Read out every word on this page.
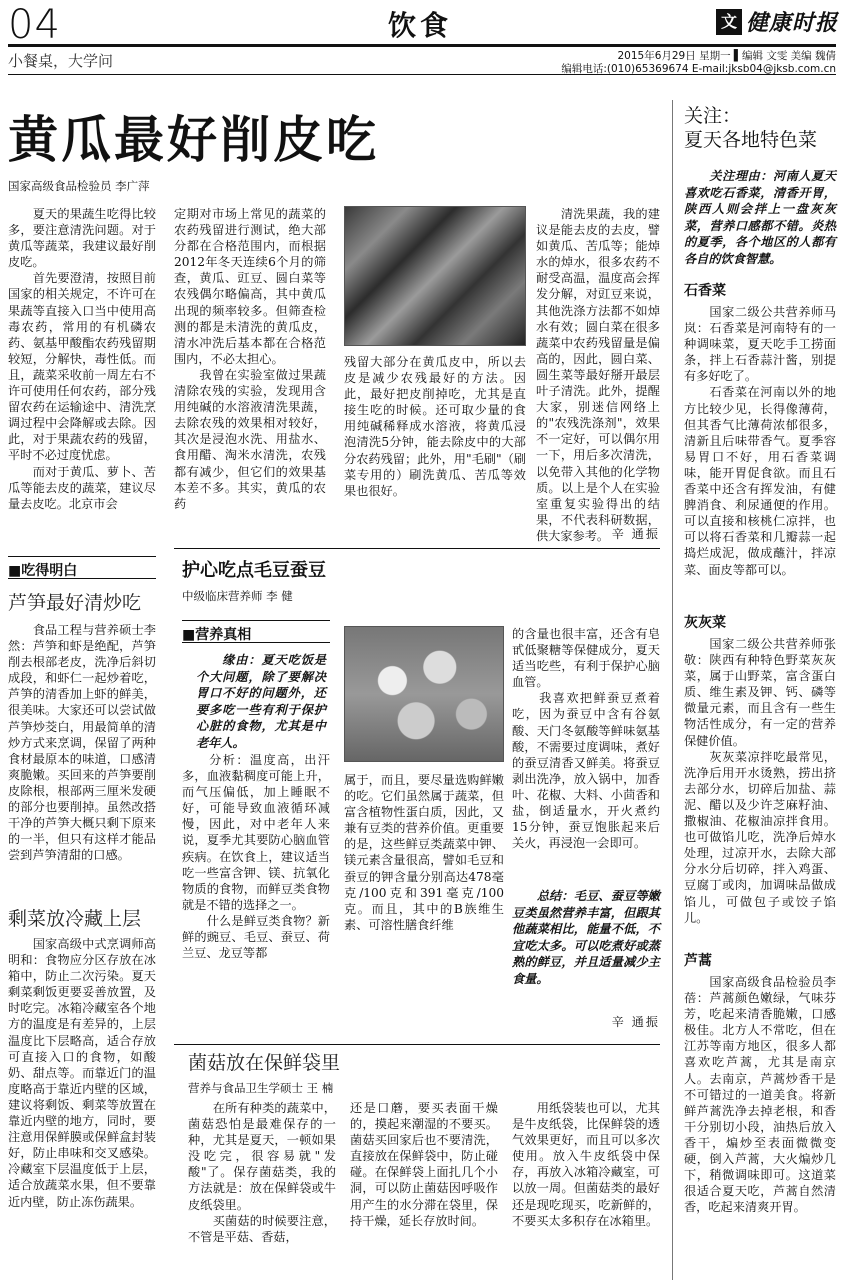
04	饮食	文 健康时报
小餐桌，大学问	2015年6月29日 星期一 ▌编辑 文雯 美编 魏倩
编辑电话:(010)65369674 E-mail:jksb04@jksb.com.cn
黄瓜最好削皮吃
国家高级食品检验员 李广萍
　　夏天的果蔬生吃得比较多，要注意清洗问题。对于黄瓜等蔬菜，我建议最好削皮吃。
　　首先要澄清，按照目前国家的相关规定，不许可在果蔬等直接入口当中使用高毒农药，常用的有机磷农药、氨基甲酸酯农药残留期较短，分解快，毒性低。而且，蔬菜采收前一周左右不许可使用任何农药，部分残留农药在运输途中、清洗烹调过程中会降解或去除。因此，对于果蔬农药的残留，平时不必过度忧虑。
　　而对于黄瓜、萝卜、苦瓜等能去皮的蔬菜，建议尽量去皮吃。北京市会
定期对市场上常见的蔬菜的农药残留进行测试，绝大部分都在合格范围内，而根据2012年冬天连续6个月的筛查，黄瓜、豇豆、圆白菜等农残偶尔略偏高，其中黄瓜出现的频率较多。但筛查检测的都是未清洗的黄瓜皮，清水冲洗后基本都在合格范围内，不必太担心。
　　我曾在实验室做过果蔬清除农残的实验，发现用含用纯碱的水溶液清洗果蔬，去除农残的效果相对较好，其次是浸泡水洗、用盐水、食用醋、淘米水清洗，农残都有减少，但它们的效果基本差不多。其实，黄瓜的农药
残留大部分在黄瓜皮中，所以去皮是减少农残最好的方法。因此，最好把皮削掉吃，尤其是直接生吃的时候。还可取少量的食用纯碱稀释成水溶液，将黄瓜浸泡清洗5分钟，能去除皮中的大部分农药残留；此外，用"毛刷"（刷菜专用的）刷洗黄瓜、苦瓜等效果也很好。
　　清洗果蔬，我的建议是能去皮的去皮，譬如黄瓜、苦瓜等；能焯水的焯水，很多农药不耐受高温，温度高会挥发分解，对豇豆来说，其他洗涤方法都不如焯水有效；圆白菜在很多蔬菜中农药残留量是偏高的，因此，圆白菜、圆生菜等最好掰开最层叶子清洗。此外，提醒大家，别迷信网络上的"农残洗涤剂"，效果不一定好，可以偶尔用一下，用后多次清洗，以免带入其他的化学物质。以上是个人在实验室重复实验得出的结果，不代表科研数据，供大家参考。 辛 通振
■吃得明白
芦笋最好清炒吃
　　食品工程与营养硕士李然：芦笋和虾是绝配，芦笋削去根部老皮，洗净后斜切成段，和虾仁一起炒着吃，芦笋的清香加上虾的鲜美，很美味。大家还可以尝试做芦笋炒茭白，用最简单的清炒方式来烹调，保留了两种食材最原本的味道，口感清爽脆嫩。买回来的芦笋要削皮除根，根部两三厘米发硬的部分也要削掉。虽然改搭干净的芦笋大概只剩下原来的一半，但只有这样才能品尝到芦笋清甜的口感。
剩菜放冷藏上层
　　国家高级中式烹调师高明和：食物应分区存放在冰箱中，防止二次污染。夏天剩菜剩饭更要妥善放置，及时吃完。冰箱冷藏室各个地方的温度是有差异的，上层温度比下层略高，适合存放可直接入口的食物，如酸奶、甜点等。而靠近门的温度略高于靠近内壁的区域，建议将剩饭、剩菜等放置在靠近内壁的地方，同时，要注意用保鲜膜或保鲜盒封装好，防止串味和交叉感染。冷藏室下层温度低于上层，适合放蔬菜水果，但不要靠近内壁，防止冻伤蔬果。
护心吃点毛豆蚕豆
中级临床营养师 李 健
■营养真相
　　缘由：夏天吃饭是个大问题，除了要解决胃口不好的问题外，还要多吃一些有利于保护心脏的食物，尤其是中老年人。
　　分析：温度高，出汗多，血液黏稠度可能上升，而气压偏低，加上睡眠不好，可能导致血液循环减慢，因此，对中老年人来说，夏季尤其要防心脑血管疾病。在饮食上，建议适当吃一些富含钾、镁、抗氧化物质的食物，而鲜豆类食物就是不错的选择之一。
　　什么是鲜豆类食物？新鲜的豌豆、毛豆、蚕豆、荷兰豆、龙豆等都
属于，而且，要尽量选购鲜嫩的吃。它们虽然属于蔬菜，但富含植物性蛋白质，因此，又兼有豆类的营养价值。更重要的是，这些鲜豆类蔬菜中钾、镁元素含量很高，譬如毛豆和蚕豆的钾含量分别高达478毫克/100克和391毫克/100克。而且，其中的B族维生素、可溶性膳食纤维
的含量也很丰富，还含有皂甙低聚糖等保健成分，夏天适当吃些，有利于保护心脑血管。
　　我喜欢把鲜蚕豆煮着吃，因为蚕豆中含有谷氨酸、天门冬氨酸等鲜味氨基酸，不需要过度调味，煮好的蚕豆清香又鲜美。将蚕豆剥出洗净，放入锅中，加香叶、花椒、大料、小茴香和盐，倒适量水，开火煮约15分钟，蚕豆饱胀起来后关火，再浸泡一会即可。
　　总结：毛豆、蚕豆等嫩豆类虽然营养丰富，但跟其他蔬菜相比，能量不低，不宜吃太多。可以吃煮好或蒸熟的鲜豆，并且适量减少主食量。
辛 通振
菌菇放在保鲜袋里
营养与食品卫生学硕士 王 楠
　　在所有种类的蔬菜中，菌菇恐怕是最难保存的一种，尤其是夏天，一顿如果没吃完，很容易就"发酸"了。保存菌菇类，我的方法就是：放在保鲜袋或牛皮纸袋里。
　　买菌菇的时候要注意，不管是平菇、香菇，
还是口蘑，要买表面干燥的，摸起来潮湿的不要买。菌菇买回家后也不要清洗，直接放在保鲜袋中，防止碰碰。在保鲜袋上面扎几个小洞，可以防止菌菇因呼吸作用产生的水分滞在袋里，保持干燥，延长存放时间。
　　用纸袋装也可以，尤其是牛皮纸袋，比保鲜袋的透气效果更好，而且可以多次使用。放入牛皮纸袋中保存，再放入冰箱冷藏室，可以放一周。但菌菇类的最好还是现吃现买，吃新鲜的，不要买太多积存在冰箱里。
关注：
夏天各地特色菜
　　关注理由：河南人夏天喜欢吃石香菜，清香开胃，陕西人则会拌上一盘灰灰菜，营养口感都不错。炎热的夏季，各个地区的人都有各自的饮食智慧。
石香菜
　　国家二级公共营养师马岚：石香菜是河南特有的一种调味菜，夏天吃手工捞面条，拌上石香蒜汁酱，别提有多好吃了。
　　石香菜在河南以外的地方比较少见，长得像薄荷，但其香气比薄荷浓郁很多，清新且后味带香气。夏季容易胃口不好，用石香菜调味，能开胃促食欲。而且石香菜中还含有挥发油，有健脾消食、利尿通便的作用。可以直接和核桃仁凉拌，也可以将石香菜和几瓣蒜一起捣烂成泥，做成蘸汁，拌凉菜、面皮等都可以。
灰灰菜
　　国家二级公共营养师张敬：陕西有种特色野菜灰灰菜，属于山野菜，富含蛋白质、维生素及钾、钙、磷等微量元素，而且含有一些生物活性成分，有一定的营养保健价值。
　　灰灰菜凉拌吃最常见，洗净后用开水烫熟，捞出挤去部分水，切碎后加盐、蒜泥、醋以及少许芝麻籽油、撒椒油、花椒油凉拌食用。也可做馅儿吃，洗净后焯水处理，过凉开水，去除大部分水分后切碎，拌入鸡蛋、豆腐丁或肉，加调味品做成馅儿，可做包子或饺子馅儿。
芦蒿
　　国家高级食品检验员李蓓：芦蒿颜色嫩绿，气味芬芳，吃起来清香脆嫩，口感极佳。北方人不常吃，但在江苏等南方地区，很多人都喜欢吃芦蒿，尤其是南京人。去南京，芦蒿炒香干是不可错过的一道美食。将新鲜芦蒿洗净去掉老根，和香干分别切小段，油热后放入香干，煸炒至表面微微变硬，倒入芦蒿，大火煸炒几下，稍微调味即可。这道菜很适合夏天吃，芦蒿自然清香，吃起来清爽开胃。
